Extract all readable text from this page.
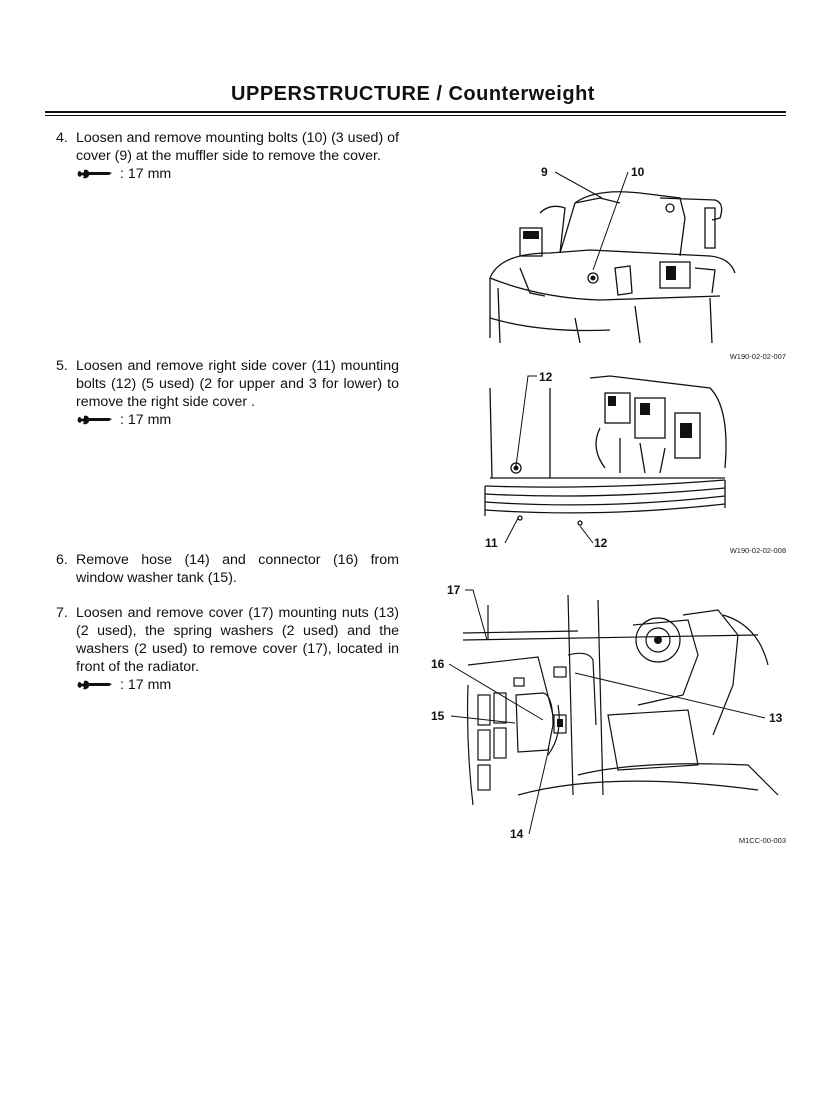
UPPERSTRUCTURE / Counterweight
4. Loosen and remove mounting bolts (10) (3 used) of cover (9) at the muffler side to remove the cover.
: 17 mm
5. Loosen and remove right side cover (11) mounting bolts (12) (5 used) (2 for upper and 3 for lower) to remove the right side cover .
: 17 mm
6. Remove hose (14) and connector (16) from window washer tank (15).
7. Loosen and remove cover (17) mounting nuts (13) (2 used), the spring washers (2 used) and the washers (2 used) to remove cover (17), located in front of the radiator.
: 17 mm
9	10
W190-02-02-007
12
11	12
W190-02-02-008
17
16
15	13
14	M1CC-00-003
